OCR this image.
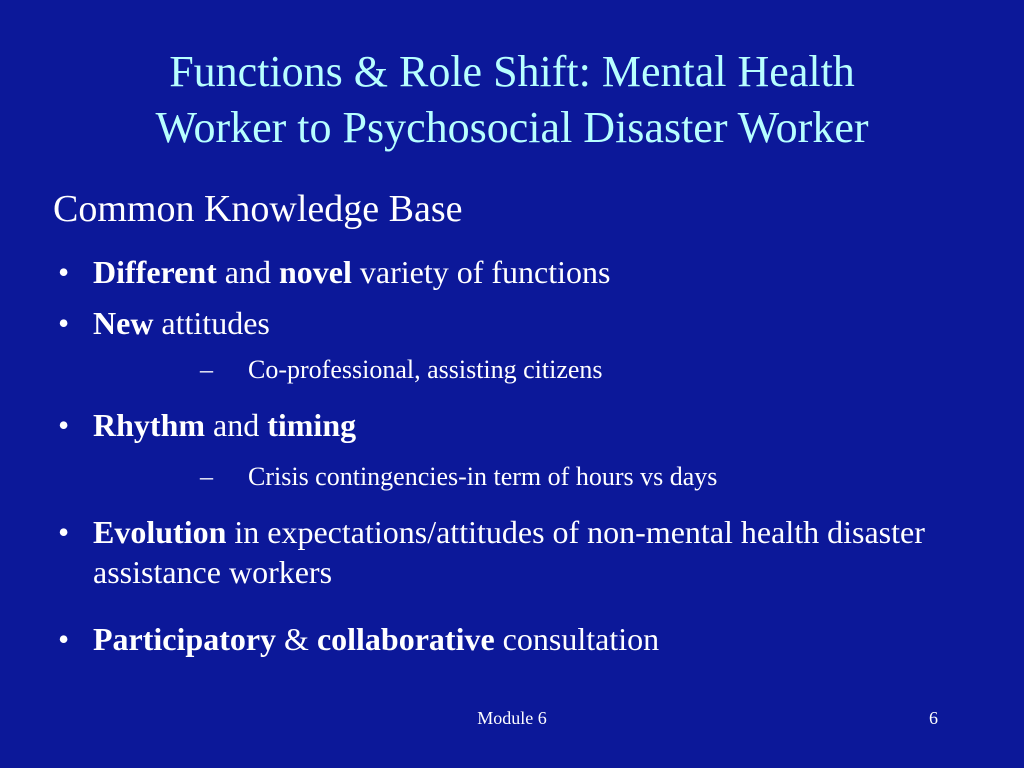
Functions & Role Shift: Mental Health
Worker to Psychosocial Disaster Worker
Common Knowledge Base

• Different and novel variety of functions

• New attitudes

– Co-professional, assisting citizens

• Rhythm and timing

– Crisis contingencies-in term of hours vs days

• Evolution in expectations/attitudes of non-mental health disaster assistance workers

• Participatory & collaborative consultation

Module 6	6
